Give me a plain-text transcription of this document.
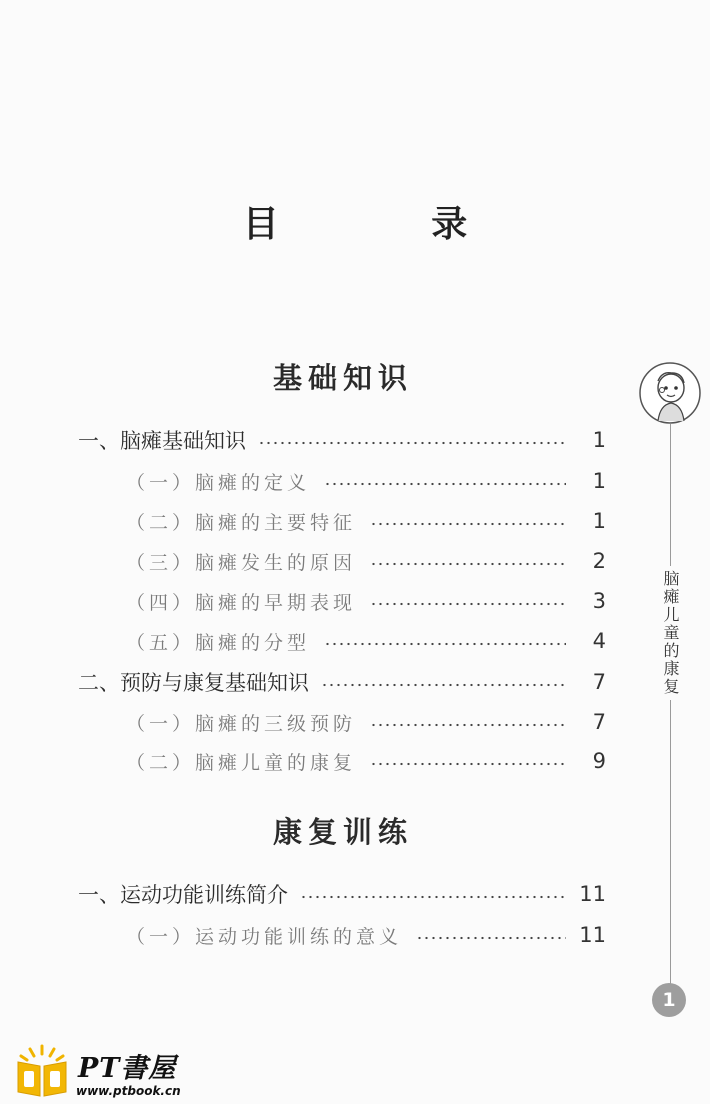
目 录
基础知识
一、脑瘫基础知识	1
（一）脑瘫的定义	1
（二）脑瘫的主要特征	1
（三）脑瘫发生的原因	2
（四）脑瘫的早期表现	3
（五）脑瘫的分型	4
二、预防与康复基础知识	7
（一）脑瘫的三级预防	7
（二）脑瘫儿童的康复	9
康复训练
一、运动功能训练简介	11
（一）运动功能训练的意义	11
脑瘫儿童的康复
1
PT書屋
www.ptbook.cn
